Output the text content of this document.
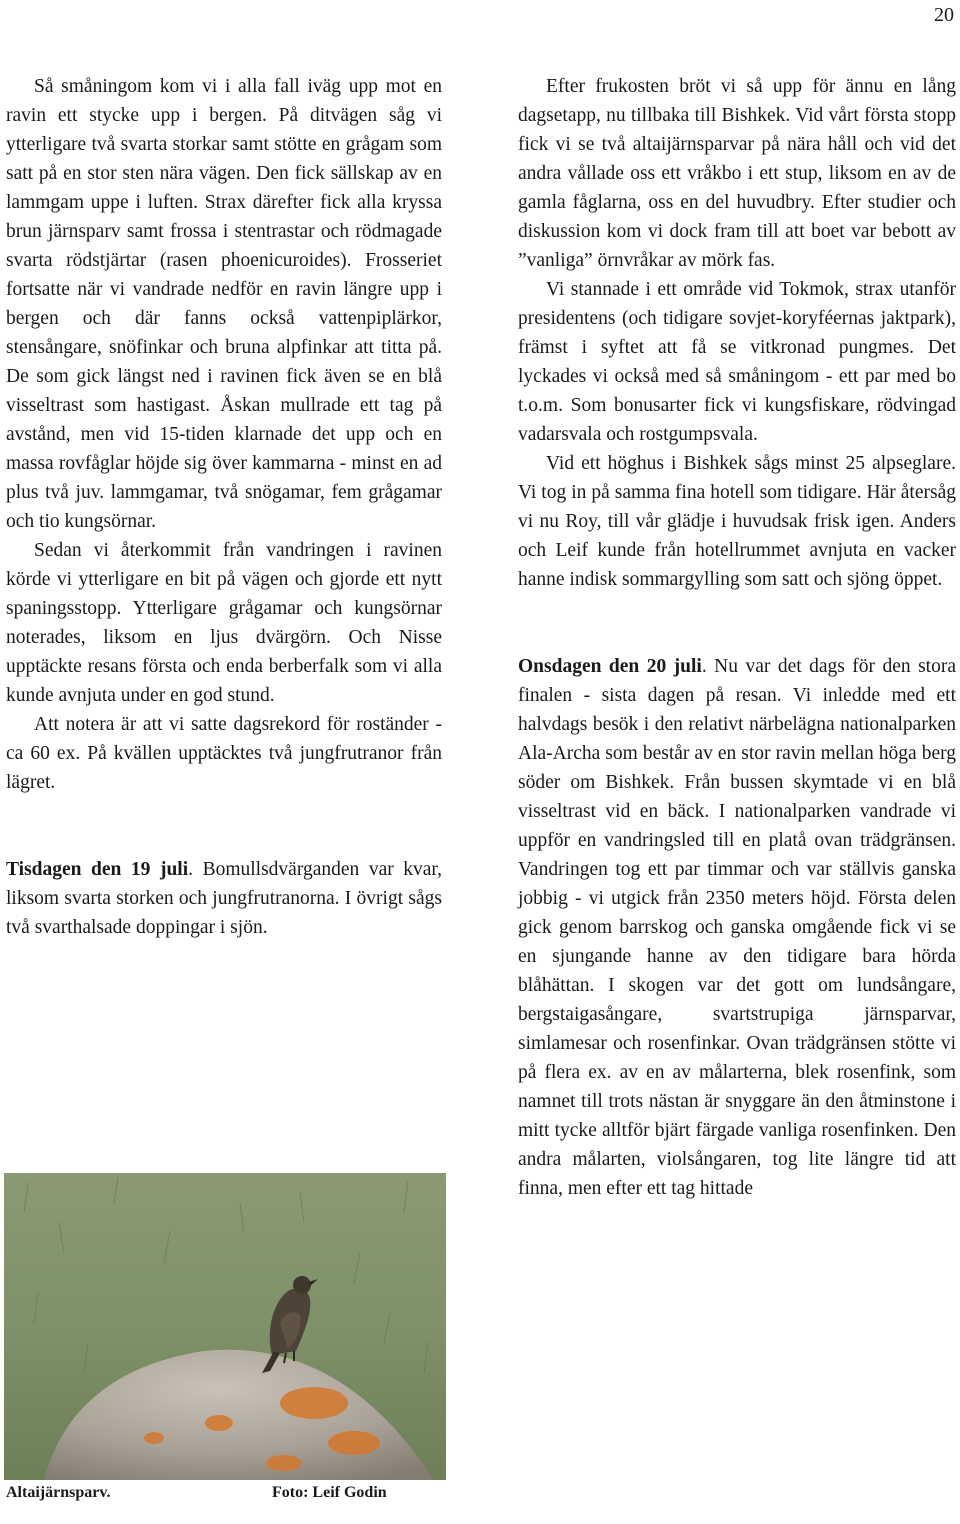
20

Så småningom kom vi i alla fall iväg upp mot en ravin ett stycke upp i bergen. På ditvägen såg vi ytterligare två svarta storkar samt stötte en grågam som satt på en stor sten nära vägen. Den fick sällskap av en lammgam uppe i luften. Strax därefter fick alla kryssa brun järnsparv samt frossa i stentrastar och rödmagade svarta rödstjärtar (rasen phoenicuroides). Frosseriet fortsatte när vi vandrade nedför en ravin längre upp i bergen och där fanns också vattenpiplärkor, stensångare, snöfinkar och bruna alpfinkar att titta på. De som gick längst ned i ravinen fick även se en blå visseltrast som hastigast. Åskan mullrade ett tag på avstånd, men vid 15-tiden klarnade det upp och en massa rovfåglar höjde sig över kammarna - minst en ad plus två juv. lammgamar, två snögamar, fem grågamar och tio kungsörnar.

Sedan vi återkommit från vandringen i ravinen körde vi ytterligare en bit på vägen och gjorde ett nytt spaningsstopp. Ytterligare grågamar och kungsörnar noterades, liksom en ljus dvärgörn. Och Nisse upptäckte resans första och enda berberfalk som vi alla kunde avnjuta under en god stund.

Att notera är att vi satte dagsrekord för roständer - ca 60 ex. På kvällen upptäcktes två jungfrutranor från lägret.

Tisdagen den 19 juli. Bomullsdvärganden var kvar, liksom svarta storken och jungfrutranorna. I övrigt sågs två svarthalsade doppingar i sjön.

Altaijärnsparv.	Foto: Leif Godin

Efter frukosten bröt vi så upp för ännu en lång dagsetapp, nu tillbaka till Bishkek. Vid vårt första stopp fick vi se två altaijärnsparvar på nära håll och vid det andra vållade oss ett vråkbo i ett stup, liksom en av de gamla fåglarna, oss en del huvudbry. Efter studier och diskussion kom vi dock fram till att boet var bebott av ”vanliga” örnvråkar av mörk fas.

Vi stannade i ett område vid Tokmok, strax utanför presidentens (och tidigare sovjet-koryféernas jaktpark), främst i syftet att få se vitkronad pungmes. Det lyckades vi också med så småningom - ett par med bo t.o.m. Som bonusarter fick vi kungsfiskare, rödvingad vadarsvala och rostgumpsvala.

Vid ett höghus i Bishkek sågs minst 25 alpseglare. Vi tog in på samma fina hotell som tidigare. Här återsåg vi nu Roy, till vår glädje i huvudsak frisk igen. Anders och Leif kunde från hotellrummet avnjuta en vacker hanne indisk sommargylling som satt och sjöng öppet.

Onsdagen den 20 juli. Nu var det dags för den stora finalen - sista dagen på resan. Vi inledde med ett halvdags besök i den relativt närbelägna nationalparken Ala-Archa som består av en stor ravin mellan höga berg söder om Bishkek. Från bussen skymtade vi en blå visseltrast vid en bäck. I nationalparken vandrade vi uppför en vandringsled till en platå ovan trädgränsen. Vandringen tog ett par timmar och var ställvis ganska jobbig - vi utgick från 2350 meters höjd. Första delen gick genom barrskog och ganska omgående fick vi se en sjungande hanne av den tidigare bara hörda blåhättan. I skogen var det gott om lundsångare, bergstaigasångare, svartstrupiga järnsparvar, simlamesar och rosenfinkar. Ovan trädgränsen stötte vi på flera ex. av en av målarterna, blek rosenfink, som namnet till trots nästan är snyggare än den åtminstone i mitt tycke alltför bjärt färgade vanliga rosenfinken. Den andra målarten, violsångaren, tog lite längre tid att finna, men efter ett tag hittade
